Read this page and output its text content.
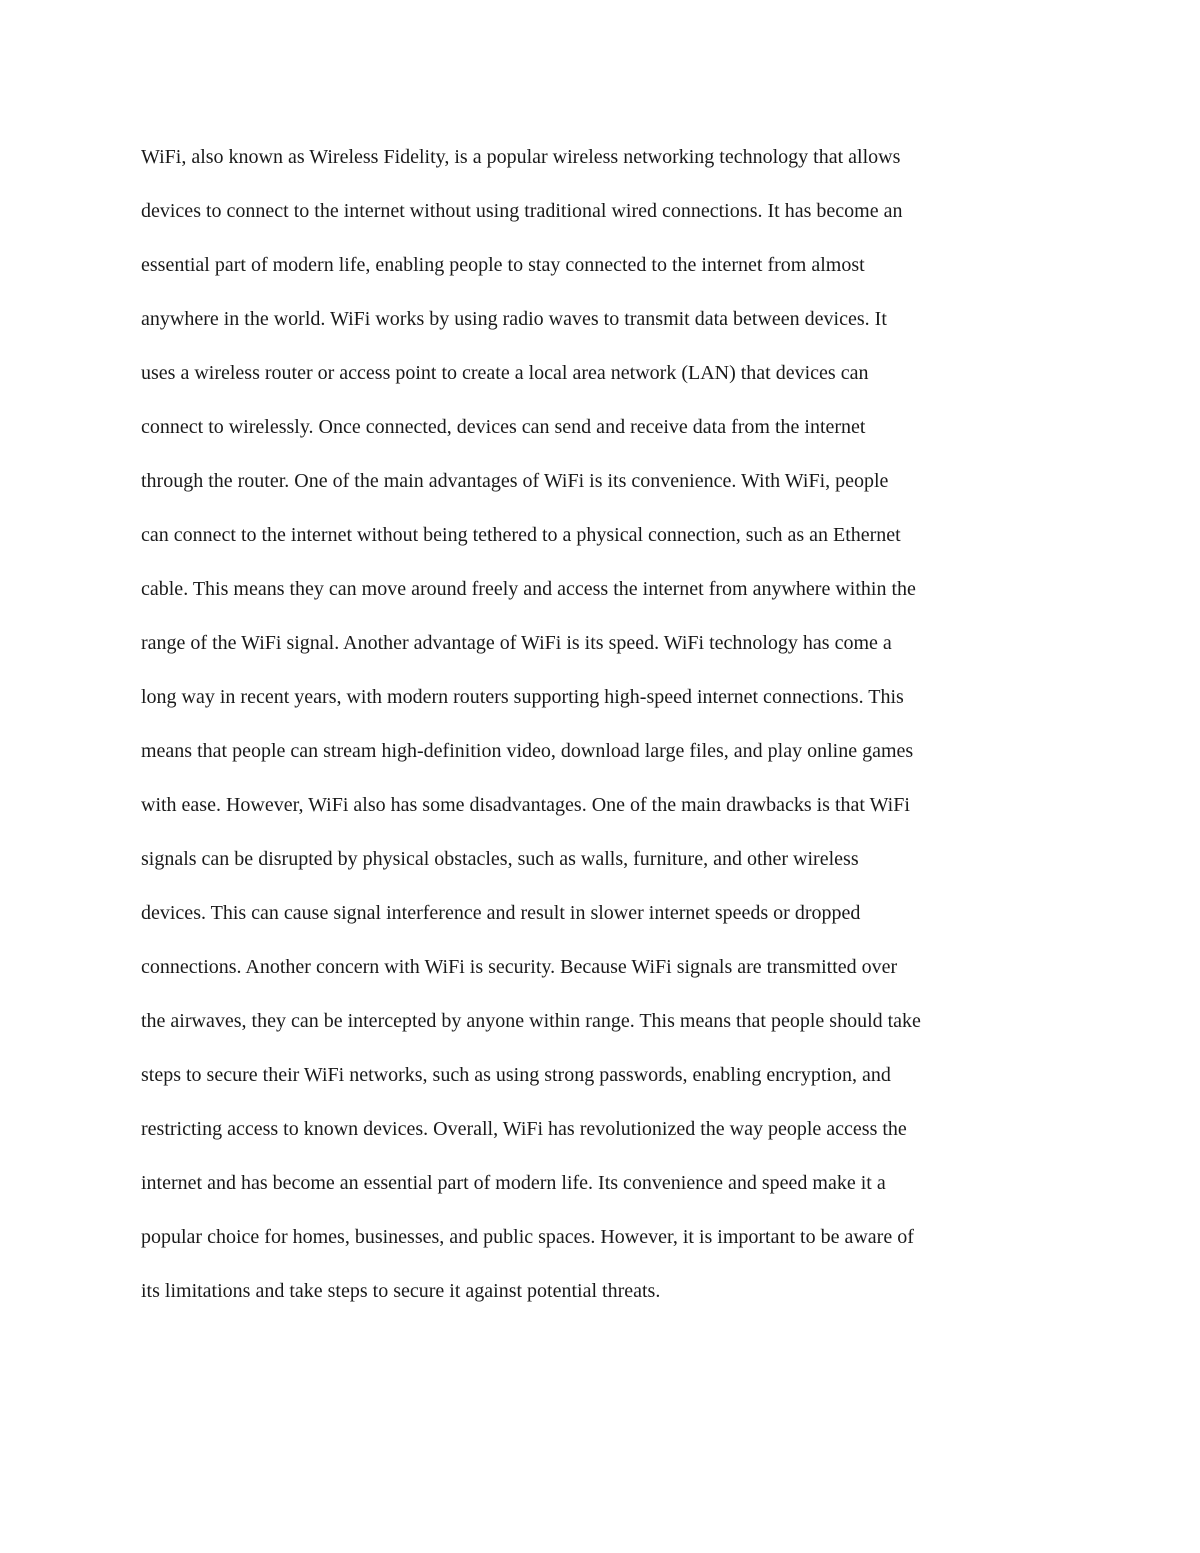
WiFi, also known as Wireless Fidelity, is a popular wireless networking technology that allows
devices to connect to the internet without using traditional wired connections. It has become an
essential part of modern life, enabling people to stay connected to the internet from almost
anywhere in the world. WiFi works by using radio waves to transmit data between devices. It
uses a wireless router or access point to create a local area network (LAN) that devices can
connect to wirelessly. Once connected, devices can send and receive data from the internet
through the router. One of the main advantages of WiFi is its convenience. With WiFi, people
can connect to the internet without being tethered to a physical connection, such as an Ethernet
cable. This means they can move around freely and access the internet from anywhere within the
range of the WiFi signal. Another advantage of WiFi is its speed. WiFi technology has come a
long way in recent years, with modern routers supporting high-speed internet connections. This
means that people can stream high-definition video, download large files, and play online games
with ease. However, WiFi also has some disadvantages. One of the main drawbacks is that WiFi
signals can be disrupted by physical obstacles, such as walls, furniture, and other wireless
devices. This can cause signal interference and result in slower internet speeds or dropped
connections. Another concern with WiFi is security. Because WiFi signals are transmitted over
the airwaves, they can be intercepted by anyone within range. This means that people should take
steps to secure their WiFi networks, such as using strong passwords, enabling encryption, and
restricting access to known devices. Overall, WiFi has revolutionized the way people access the
internet and has become an essential part of modern life. Its convenience and speed make it a
popular choice for homes, businesses, and public spaces. However, it is important to be aware of
its limitations and take steps to secure it against potential threats.
